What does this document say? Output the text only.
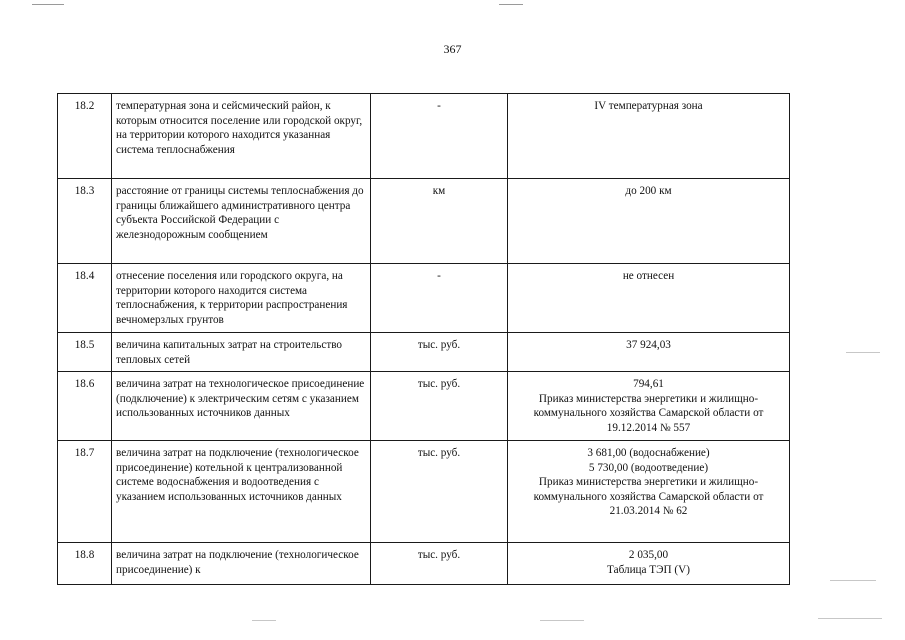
367
18.2	температурная зона и сейсмический район, к которым относится поселение или городской округ, на территории которого находится указанная система теплоснабжения	-	IV температурная зона

18.3	расстояние от границы системы теплоснабжения до границы ближайшего административного центра субъекта Российской Федерации с железнодорожным сообщением	км	до 200 км

18.4	отнесение поселения или городского округа, на территории которого находится система теплоснабжения, к территории распространения вечномерзлых грунтов	-	не отнесен

18.5	величина капитальных затрат на строительство тепловых сетей	тыс. руб.	37 924,03

18.6	величина затрат на технологическое присоединение (подключение) к электрическим сетям с указанием использованных источников данных	тыс. руб.	794,61
Приказ министерства энергетики и жилищно-коммунального хозяйства Самарской области от 19.12.2014 № 557

18.7	величина затрат на подключение (технологическое присоединение) котельной к централизованной системе водоснабжения и водоотведения с указанием использованных источников данных	тыс. руб.	3 681,00 (водоснабжение)
5 730,00 (водоотведение)
Приказ министерства энергетики и жилищно-коммунального хозяйства Самарской области от 21.03.2014 № 62

18.8	величина затрат на подключение (технологическое присоединение) к	тыс. руб.	2 035,00
Таблица ТЭП (V)
